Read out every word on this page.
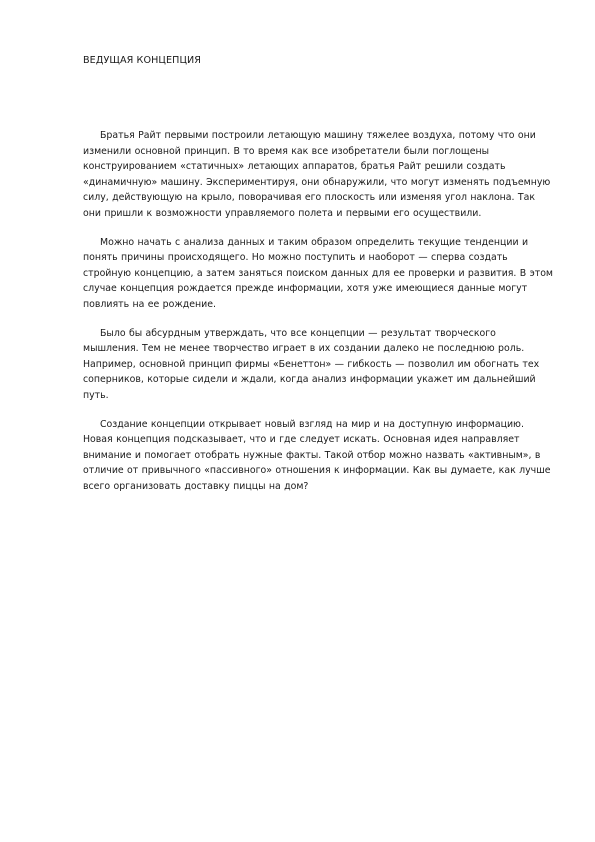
ВЕДУЩАЯ КОНЦЕПЦИЯ

Братья Райт первыми построили летающую машину тяжелее воздуха, потому что они изменили основной принцип. В то время как все изобретатели были поглощены конструированием «статичных» летающих аппаратов, братья Райт решили создать «динамичную» машину. Экспериментируя, они обнаружили, что могут изменять подъемную силу, действующую на крыло, поворачивая его плоскость или изменяя угол наклона. Так они пришли к возможности управляемого полета и первыми его осуществили.

Можно начать с анализа данных и таким образом определить текущие тенденции и понять причины происходящего. Но можно поступить и наоборот — сперва создать стройную концепцию, а затем заняться поиском данных для ее проверки и развития. В этом случае концепция рождается прежде информации, хотя уже имеющиеся данные могут повлиять на ее рождение.

Было бы абсурдным утверждать, что все концепции — результат творческого мышления. Тем не менее творчество играет в их создании далеко не последнюю роль. Например, основной принцип фирмы «Бенеттон» — гибкость — позволил им обогнать тех соперников, которые сидели и ждали, когда анализ информации укажет им дальнейший путь.

Создание концепции открывает новый взгляд на мир и на доступную информацию. Новая концепция подсказывает, что и где следует искать. Основная идея направляет внимание и помогает отобрать нужные факты. Такой отбор можно назвать «активным», в отличие от привычного «пассивного» отношения к информации. Как вы думаете, как лучше всего организовать доставку пиццы на дом?
